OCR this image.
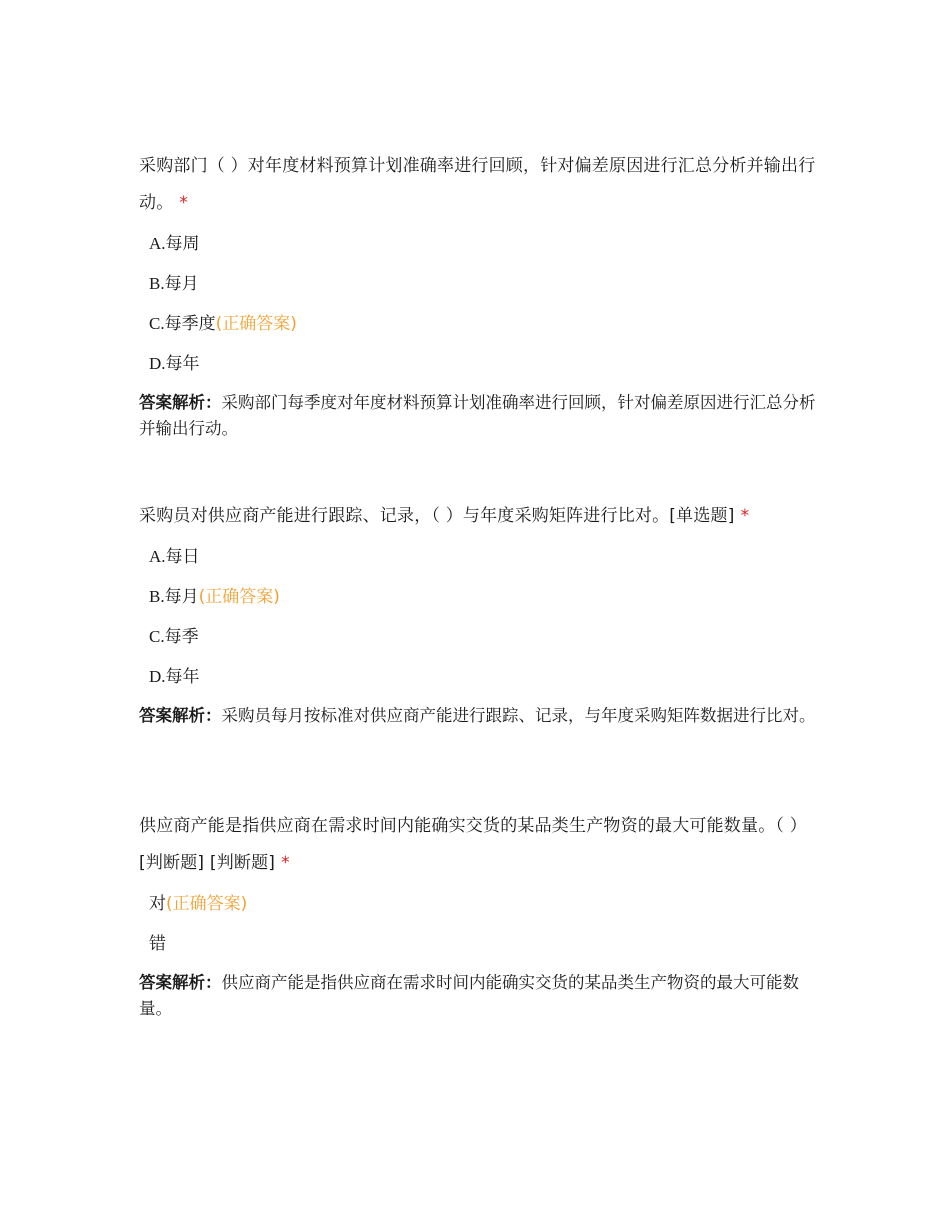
采购部门（ ）对年度材料预算计划准确率进行回顾，针对偏差原因进行汇总分析并输出行动。 *

A.每周
B.每月
C.每季度(正确答案)
D.每年
答案解析：采购部门每季度对年度材料预算计划准确率进行回顾，针对偏差原因进行汇总分析并输出行动。

采购员对供应商产能进行跟踪、记录，（ ）与年度采购矩阵进行比对。[单选题] *

A.每日
B.每月(正确答案)
C.每季
D.每年
答案解析：采购员每月按标准对供应商产能进行跟踪、记录，与年度采购矩阵数据进行比对。

供应商产能是指供应商在需求时间内能确实交货的某品类生产物资的最大可能数量。（ ）[判断题] [判断题] *

对(正确答案)
错
答案解析：供应商产能是指供应商在需求时间内能确实交货的某品类生产物资的最大可能数量。
